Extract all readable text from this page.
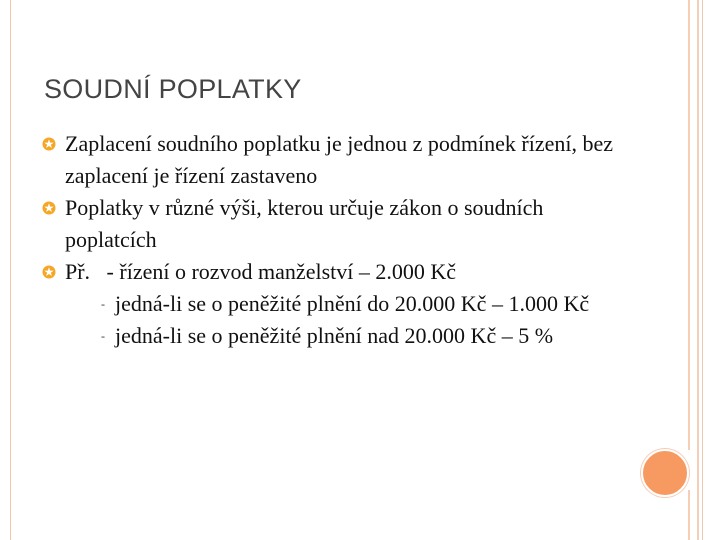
SOUDNÍ POPLATKY
Zaplacení soudního poplatku je jednou z podmínek řízení, bez zaplacení je řízení zastaveno
Poplatky v různé výši, kterou určuje zákon o soudních poplatcích
Př.   - řízení o rozvod manželství – 2.000 Kč
- jedná-li se o peněžité plnění do 20.000 Kč – 1.000 Kč
- jedná-li se o peněžité plnění nad 20.000 Kč – 5 %
